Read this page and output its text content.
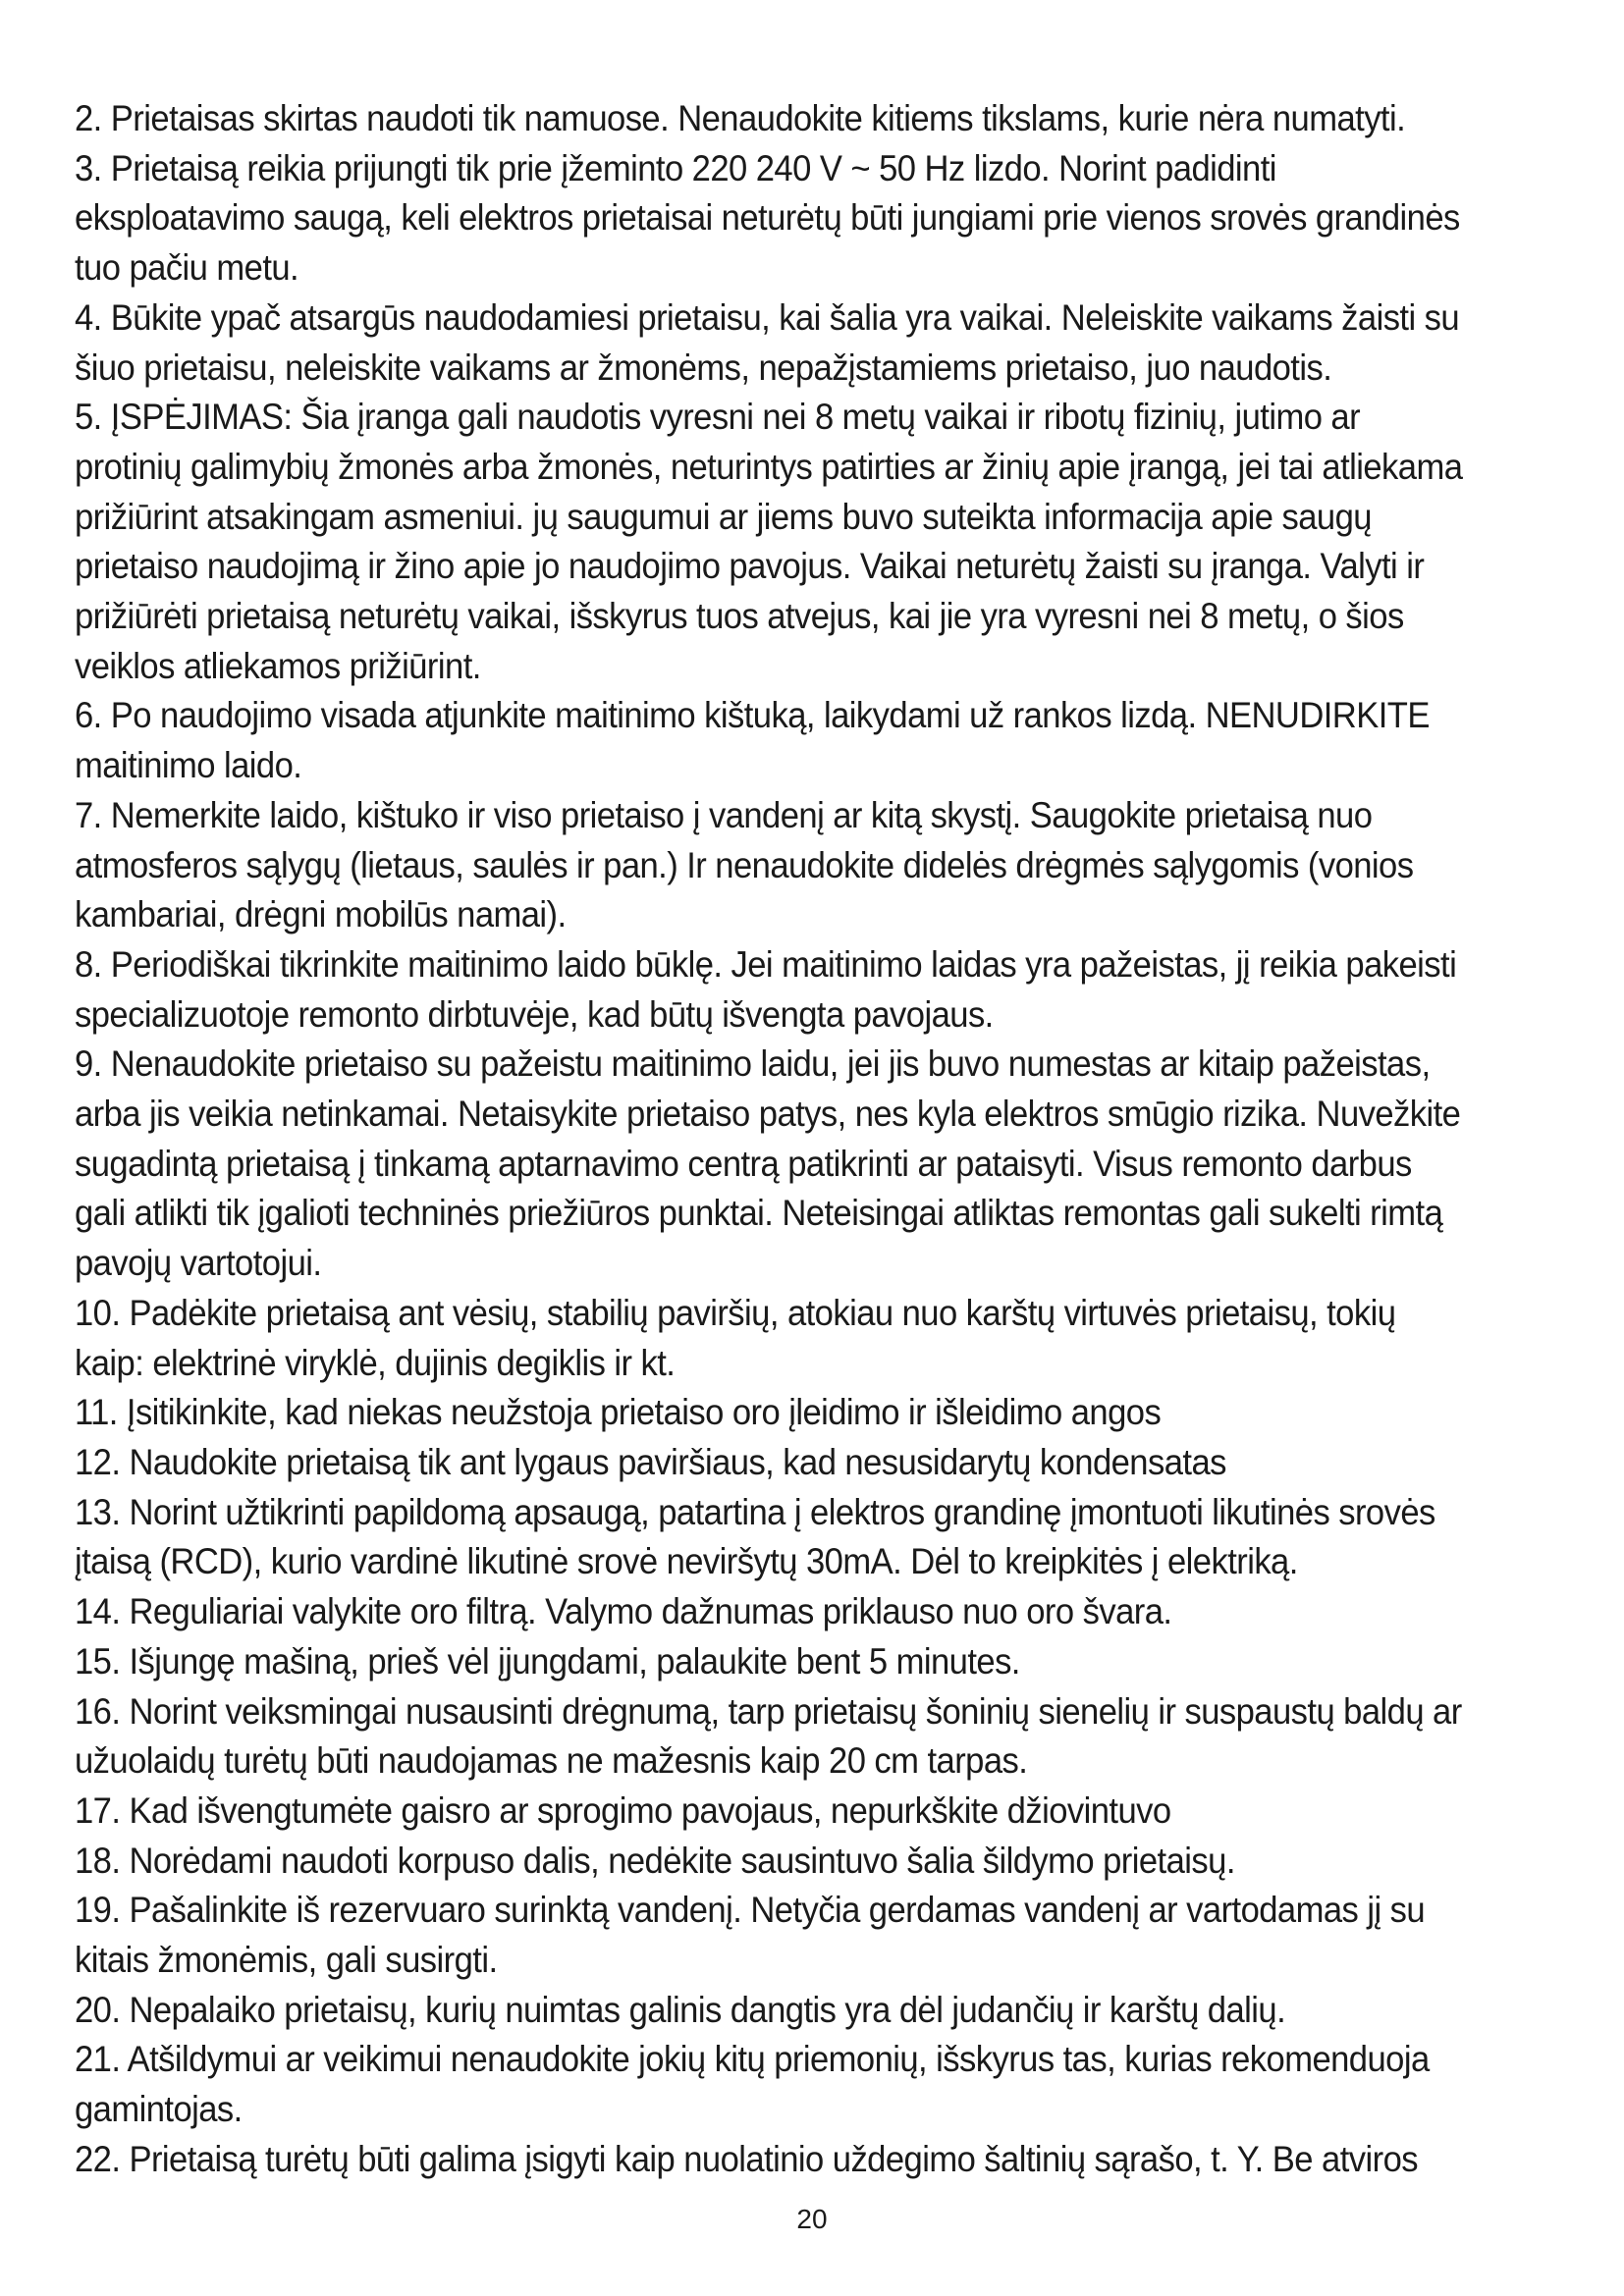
2. Prietaisas skirtas naudoti tik namuose. Nenaudokite kitiems tikslams, kurie nėra numatyti.

3. Prietaisą reikia prijungti tik prie įžeminto 220 240 V ~ 50 Hz lizdo. Norint padidinti eksploatavimo saugą, keli elektros prietaisai neturėtų būti jungiami prie vienos srovės grandinės tuo pačiu metu.

4. Būkite ypač atsargūs naudodamiesi prietaisu, kai šalia yra vaikai. Neleiskite vaikams žaisti su šiuo prietaisu, neleiskite vaikams ar žmonėms, nepažįstamiems prietaiso, juo naudotis.

5. ĮSPĖJIMAS: Šia įranga gali naudotis vyresni nei 8 metų vaikai ir ribotų fizinių, jutimo ar protinių galimybių žmonės arba žmonės, neturintys patirties ar žinių apie įrangą, jei tai atliekama prižiūrint atsakingam asmeniui. jų saugumui ar jiems buvo suteikta informacija apie saugų prietaiso naudojimą ir žino apie jo naudojimo pavojus. Vaikai neturėtų žaisti su įranga. Valyti ir prižiūrėti prietaisą neturėtų vaikai, išskyrus tuos atvejus, kai jie yra vyresni nei 8 metų, o šios veiklos atliekamos prižiūrint.

6. Po naudojimo visada atjunkite maitinimo kištuką, laikydami už rankos lizdą. NENUDIRKITE maitinimo laido.

7. Nemerkite laido, kištuko ir viso prietaiso į vandenį ar kitą skystį. Saugokite prietaisą nuo atmosferos sąlygų (lietaus, saulės ir pan.) Ir nenaudokite didelės drėgmės sąlygomis (vonios kambariai, drėgni mobilūs namai).

8. Periodiškai tikrinkite maitinimo laido būklę. Jei maitinimo laidas yra pažeistas, jį reikia pakeisti specializuotoje remonto dirbtuvėje, kad būtų išvengta pavojaus.

9. Nenaudokite prietaiso su pažeistu maitinimo laidu, jei jis buvo numestas ar kitaip pažeistas, arba jis veikia netinkamai. Netaisykite prietaiso patys, nes kyla elektros smūgio rizika. Nuvežkite sugadintą prietaisą į tinkamą aptarnavimo centrą patikrinti ar pataisyti. Visus remonto darbus gali atlikti tik įgalioti techninės priežiūros punktai. Neteisingai atliktas remontas gali sukelti rimtą pavojų vartotojui.

10. Padėkite prietaisą ant vėsių, stabilių paviršių, atokiau nuo karštų virtuvės prietaisų, tokių kaip: elektrinė viryklė, dujinis degiklis ir kt.

11. Įsitikinkite, kad niekas neužstoja prietaiso oro įleidimo ir išleidimo angos

12. Naudokite prietaisą tik ant lygaus paviršiaus, kad nesusidarytų kondensatas

13. Norint užtikrinti papildomą apsaugą, patartina į elektros grandinę įmontuoti likutinės srovės įtaisą (RCD), kurio vardinė likutinė srovė neviršytų 30mA. Dėl to kreipkitės į elektriką.

14. Reguliariai valykite oro filtrą. Valymo dažnumas priklauso nuo oro švara.

15. Išjungę mašiną, prieš vėl įjungdami, palaukite bent 5 minutes.

16. Norint veiksmingai nusausinti drėgnumą, tarp prietaisų šoninių sienelių ir suspaustų baldų ar užuolaidų turėtų būti naudojamas ne mažesnis kaip 20 cm tarpas.

17. Kad išvengtumėte gaisro ar sprogimo pavojaus, nepurkškite džiovintuvo

18. Norėdami naudoti korpuso dalis, nedėkite sausintuvo šalia šildymo prietaisų.

19. Pašalinkite iš rezervuaro surinktą vandenį. Netyčia gerdamas vandenį ar vartodamas jį su kitais žmonėmis, gali susirgti.

20. Nepalaiko prietaisų, kurių nuimtas galinis dangtis yra dėl judančių ir karštų dalių.

21. Atšildymui ar veikimui nenaudokite jokių kitų priemonių, išskyrus tas, kurias rekomenduoja gamintojas.

22. Prietaisą turėtų būti galima įsigyti kaip nuolatinio uždegimo šaltinių sąrašo, t. Y. Be atviros

20
